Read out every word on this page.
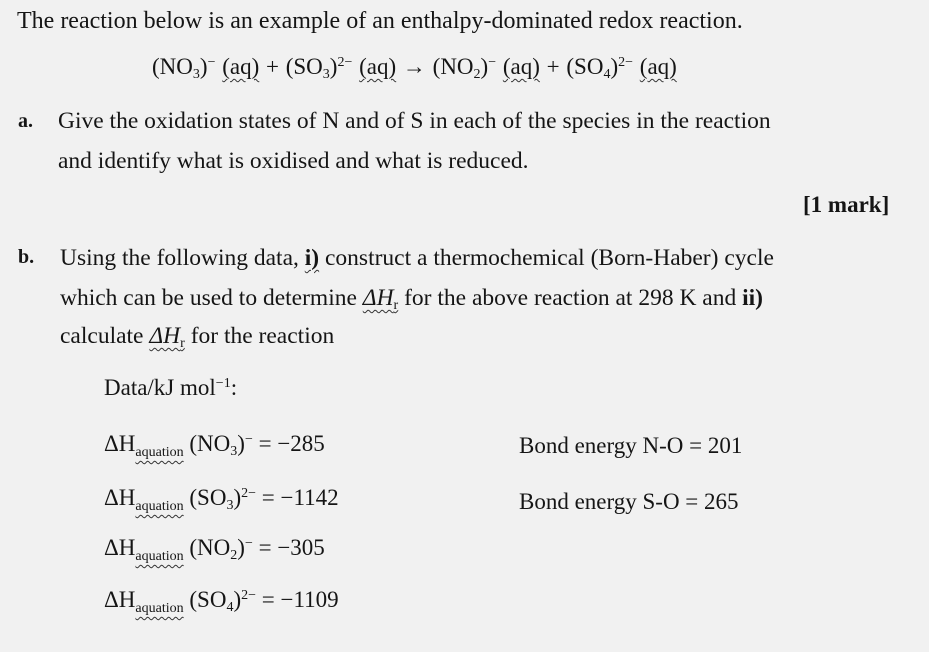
The reaction below is an example of an enthalpy-dominated redox reaction.
$(NO_3)^-$ $(aq) + (SO_3)^{2-}$ $(aq) \to (NO_2)^-$ $(aq) + (SO_4)^{2-}$ (aq)
a. Give the oxidation states of N and of S in each of the species in the reaction
and identify what is oxidised and what is reduced.
[1 mark]
b. Using the following data, i) construct a thermochemical (Born-Haber) cycle
which can be used to determine $\Delta H_r$ for the above reaction at 298 K and ii)
calculate $\Delta H_r$ for the reaction
Data/kJ mol$^{-1}$:
$\Delta H_{aquation}$ $(NO_3)^- = -285$
$\Delta H_{aquation}$ $(SO_3)^{2-} = -1142$
$\Delta H_{aquation}$ $(NO_2)^- = -305$
$\Delta H_{aquation}$ $(SO_4)^{2-} = -1109$
Bond energy N-O = 201
Bond energy S-O = 265
